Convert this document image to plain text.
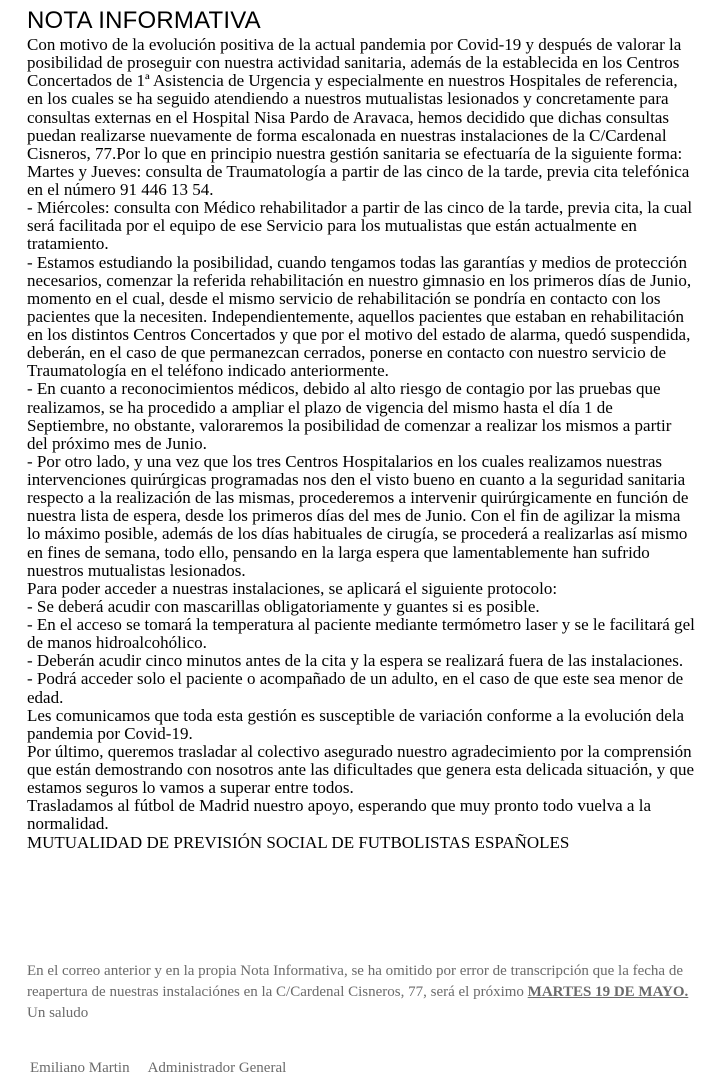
NOTA INFORMATIVA

Con motivo de la evolución positiva de la actual pandemia por Covid-19 y después de valorar la posibilidad de proseguir con nuestra actividad sanitaria, además de la establecida en los Centros Concertados de 1ª Asistencia de Urgencia y especialmente en nuestros Hospitales de referencia, en los cuales se ha seguido atendiendo a nuestros mutualistas lesionados y concretamente para consultas externas en el Hospital Nisa Pardo de Aravaca, hemos decidido que dichas consultas puedan realizarse nuevamente de forma escalonada en nuestras instalaciones de la C/Cardenal Cisneros, 77.Por lo que en principio nuestra gestión sanitaria se efectuaría de la siguiente forma: Martes y Jueves: consulta de Traumatología a partir de las cinco de la tarde, previa cita telefónica en el número 91 446 13 54.

- Miércoles: consulta con Médico rehabilitador a partir de las cinco de la tarde, previa cita, la cual será facilitada por el equipo de ese Servicio para los mutualistas que están actualmente en tratamiento.

- Estamos estudiando la posibilidad, cuando tengamos todas las garantías y medios de protección necesarios, comenzar la referida rehabilitación en nuestro gimnasio en los primeros días de Junio, momento en el cual, desde el mismo servicio de rehabilitación se pondría en contacto con los pacientes que la necesiten. Independientemente, aquellos pacientes que estaban en rehabilitación en los distintos Centros Concertados y que por el motivo del estado de alarma, quedó suspendida, deberán, en el caso de que permanezcan cerrados, ponerse en contacto con nuestro servicio de Traumatología en el teléfono indicado anteriormente.

- En cuanto a reconocimientos médicos, debido al alto riesgo de contagio por las pruebas que realizamos, se ha procedido a ampliar el plazo de vigencia del mismo hasta el día 1 de Septiembre, no obstante, valoraremos la posibilidad de comenzar a realizar los mismos a partir del próximo mes de Junio.

- Por otro lado, y una vez que los tres Centros Hospitalarios en los cuales realizamos nuestras intervenciones quirúrgicas programadas nos den el visto bueno en cuanto a la seguridad sanitaria respecto a la realización de las mismas, procederemos a intervenir quirúrgicamente en función de nuestra lista de espera, desde los primeros días del mes de Junio. Con el fin de agilizar la misma lo máximo posible, además de los días habituales de cirugía, se procederá a realizarlas así mismo en fines de semana, todo ello, pensando en la larga espera que lamentablemente han sufrido nuestros mutualistas lesionados.

Para poder acceder a nuestras instalaciones, se aplicará el siguiente protocolo:

- Se deberá acudir con mascarillas obligatoriamente y guantes si es posible.

- En el acceso se tomará la temperatura al paciente mediante termómetro laser y se le facilitará gel de manos hidroalcohólico.

- Deberán acudir cinco minutos antes de la cita y la espera se realizará fuera de las instalaciones.

- Podrá acceder solo el paciente o acompañado de un adulto, en el caso de que este sea menor de edad.

Les comunicamos que toda esta gestión es susceptible de variación conforme a la evolución dela pandemia por Covid-19.

Por último, queremos trasladar al colectivo asegurado nuestro agradecimiento por la comprensión que están demostrando con nosotros ante las dificultades que genera esta delicada situación, y que estamos seguros lo vamos a superar entre todos.

Trasladamos al fútbol de Madrid nuestro apoyo, esperando que muy pronto todo vuelva a la normalidad.

MUTUALIDAD DE PREVISIÓN SOCIAL DE FUTBOLISTAS ESPAÑOLES

En el correo anterior y en la propia Nota Informativa, se ha omitido por error de transcripción que la fecha de reapertura de nuestras instalaciónes en la C/Cardenal Cisneros, 77, será el próximo MARTES 19 DE MAYO.
Un saludo
Emiliano Martin Administrador General
